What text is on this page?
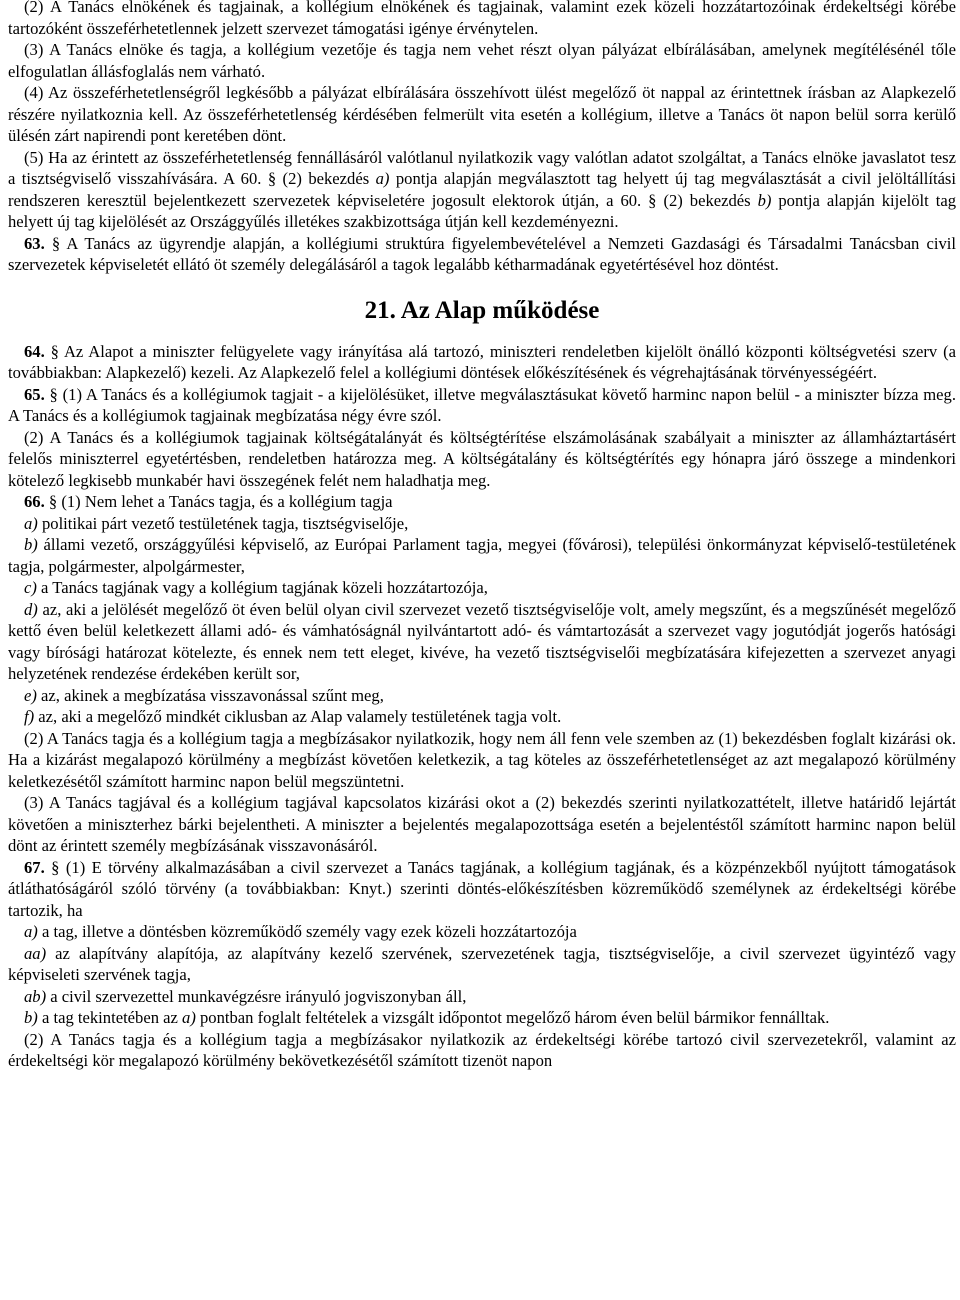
(2) A Tanács elnökének és tagjainak, a kollégium elnökének és tagjainak, valamint ezek közeli hozzátartozóinak érdekeltségi körébe tartozóként összeférhetetlennek jelzett szervezet támogatási igénye érvénytelen.

(3) A Tanács elnöke és tagja, a kollégium vezetője és tagja nem vehet részt olyan pályázat elbírálásában, amelynek megítélésénél tőle elfogulatlan állásfoglalás nem várható.

(4) Az összeférhetetlenségről legkésőbb a pályázat elbírálására összehívott ülést megelőző öt nappal az érintettnek írásban az Alapkezelő részére nyilatkoznia kell. Az összeférhetetlenség kérdésében felmerült vita esetén a kollégium, illetve a Tanács öt napon belül sorra kerülő ülésén zárt napirendi pont keretében dönt.

(5) Ha az érintett az összeférhetetlenség fennállásáról valótlanul nyilatkozik vagy valótlan adatot szolgáltat, a Tanács elnöke javaslatot tesz a tisztségviselő visszahívására. A 60. § (2) bekezdés a) pontja alapján megválasztott tag helyett új tag megválasztását a civil jelöltállítási rendszeren keresztül bejelentkezett szervezetek képviseletére jogosult elektorok útján, a 60. § (2) bekezdés b) pontja alapján kijelölt tag helyett új tag kijelölését az Országgyűlés illetékes szakbizottsága útján kell kezdeményezni.

63. § A Tanács az ügyrendje alapján, a kollégiumi struktúra figyelembevételével a Nemzeti Gazdasági és Társadalmi Tanácsban civil szervezetek képviseletét ellátó öt személy delegálásáról a tagok legalább kétharmadának egyetértésével hoz döntést.

21. Az Alap működése

64. § Az Alapot a miniszter felügyelete vagy irányítása alá tartozó, miniszteri rendeletben kijelölt önálló központi költségvetési szerv (a továbbiakban: Alapkezelő) kezeli. Az Alapkezelő felel a kollégiumi döntések előkészítésének és végrehajtásának törvényességéért.

65. § (1) A Tanács és a kollégiumok tagjait - a kijelölésüket, illetve megválasztásukat követő harminc napon belül - a miniszter bízza meg. A Tanács és a kollégiumok tagjainak megbízatása négy évre szól.

(2) A Tanács és a kollégiumok tagjainak költségátalányát és költségtérítése elszámolásának szabályait a miniszter az államháztartásért felelős miniszterrel egyetértésben, rendeletben határozza meg. A költségátalány és költségtérítés egy hónapra járó összege a mindenkori kötelező legkisebb munkabér havi összegének felét nem haladhatja meg.

66. § (1) Nem lehet a Tanács tagja, és a kollégium tagja

a) politikai párt vezető testületének tagja, tisztségviselője,

b) állami vezető, országgyűlési képviselő, az Európai Parlament tagja, megyei (fővárosi), települési önkormányzat képviselő-testületének tagja, polgármester, alpolgármester,

c) a Tanács tagjának vagy a kollégium tagjának közeli hozzátartozója,

d) az, aki a jelölését megelőző öt éven belül olyan civil szervezet vezető tisztségviselője volt, amely megszűnt, és a megszűnését megelőző kettő éven belül keletkezett állami adó- és vámhatóságnál nyilvántartott adó- és vámtartozását a szervezet vagy jogutódját jogerős hatósági vagy bírósági határozat kötelezte, és ennek nem tett eleget, kivéve, ha vezető tisztségviselői megbízatására kifejezetten a szervezet anyagi helyzetének rendezése érdekében került sor,

e) az, akinek a megbízatása visszavonással szűnt meg,

f) az, aki a megelőző mindkét ciklusban az Alap valamely testületének tagja volt.

(2) A Tanács tagja és a kollégium tagja a megbízásakor nyilatkozik, hogy nem áll fenn vele szemben az (1) bekezdésben foglalt kizárási ok. Ha a kizárást megalapozó körülmény a megbízást követően keletkezik, a tag köteles az összeférhetetlenséget az azt megalapozó körülmény keletkezésétől számított harminc napon belül megszüntetni.

(3) A Tanács tagjával és a kollégium tagjával kapcsolatos kizárási okot a (2) bekezdés szerinti nyilatkozattételt, illetve határidő lejártát követően a miniszterhez bárki bejelentheti. A miniszter a bejelentés megalapozottsága esetén a bejelentéstől számított harminc napon belül dönt az érintett személy megbízásának visszavonásáról.

67. § (1) E törvény alkalmazásában a civil szervezet a Tanács tagjának, a kollégium tagjának, és a közpénzekből nyújtott támogatások átláthatóságáról szóló törvény (a továbbiakban: Knyt.) szerinti döntés-előkészítésben közreműködő személynek az érdekeltségi körébe tartozik, ha

a) a tag, illetve a döntésben közreműködő személy vagy ezek közeli hozzátartozója

aa) az alapítvány alapítója, az alapítvány kezelő szervének, szervezetének tagja, tisztségviselője, a civil szervezet ügyintéző vagy képviseleti szervének tagja,

ab) a civil szervezettel munkavégzésre irányuló jogviszonyban áll,

b) a tag tekintetében az a) pontban foglalt feltételek a vizsgált időpontot megelőző három éven belül bármikor fennálltak.

(2) A Tanács tagja és a kollégium tagja a megbízásakor nyilatkozik az érdekeltségi körébe tartozó civil szervezetekről, valamint az érdekeltségi kör megalapozó körülmény bekövetkezésétől számított tizenöt napon
